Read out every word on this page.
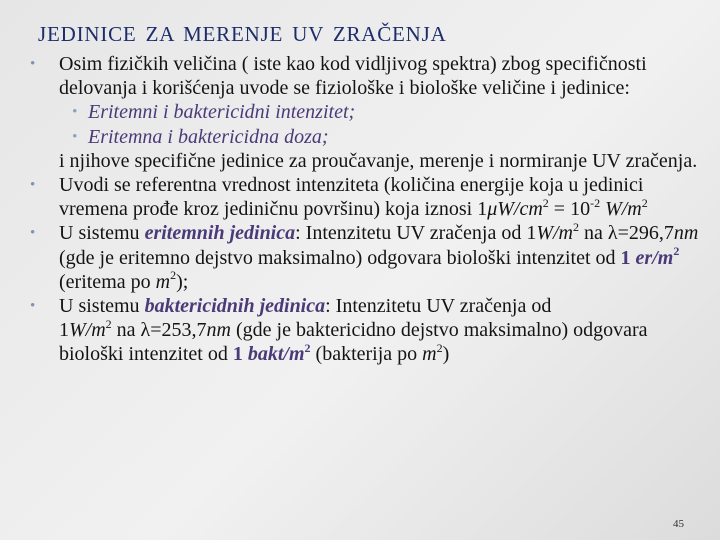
JEDINICE ZA MERENJE UV ZRAČENJA
• Osim fizičkih veličina ( iste kao kod vidljivog spektra) zbog specifičnosti delovanja i korišćenja uvode se fiziološke i biološke veličine i jedinice:
• Eritemni i baktericidni intenzitet;
• Eritemna i baktericidna doza;
i njihove specifične jedinice za proučavanje, merenje i normiranje UV zračenja.
• Uvodi se referentna vrednost intenziteta (količina energije koja u jedinici vremena prođe kroz jediničnu površinu) koja iznosi $1\mu W/cm^2 = 10^{-2}$ $W/m^2$
• U sistemu eritemnih jedinica: Intenzitetu UV zračenja od $1W/m^2$ na λ=296,7nm (gde je eritemno dejstvo maksimalno) odgovara biološki intenzitet od 1 $er/m^2$ (eritema po $m^2$);
• U sistemu baktericidnih jedinica: Intenzitetu UV zračenja od
$1W/m^2$ na λ=253,7nm (gde je baktericidno dejstvo maksimalno) odgovara biološki intenzitet od 1 bakt/$m^2$ (bakterija po $m^2$)
45
